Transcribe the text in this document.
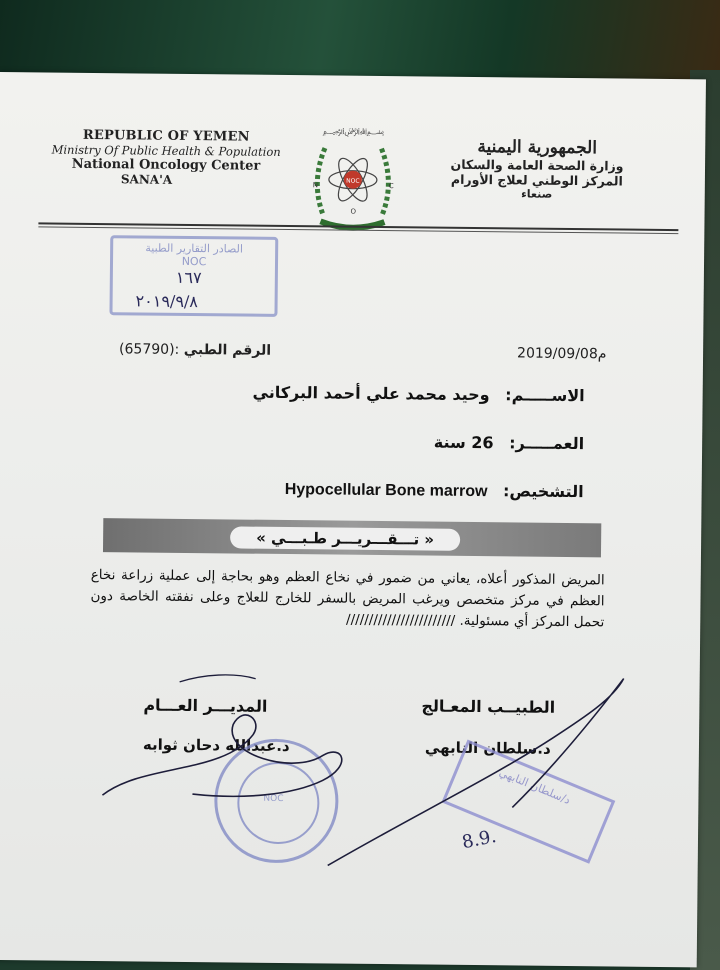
REPUBLIC OF YEMEN
Ministry Of Public Health & Population
National Oncology Center
SANA'A
﷽
NOC
N	C
O
الجمهورية اليمنية
وزارة الصحة العامة والسكان
المركز الوطني لعلاج الأورام
صنعاء
الصادر التقارير الطبية
NOC
١٦٧
٢٠١٩/٩/٨
2019/09/08م
الرقم الطبي :(65790)
الاســـــم: وحيد محمد علي أحمد البركاني
العمـــــر: 26 سنة
التشخيص: Hypocellular Bone marrow
« تـــقـــريـــر طـبـــي »
المريض المذكور أعلاه، يعاني من ضمور في نخاع العظم وهو بحاجة إلى عملية زراعة نخاع العظم في مركز متخصص ويرغب المريض بالسفر للخارج للعلاج وعلى نفقته الخاصة دون تحمل المركز أي مسئولية. ////////////////////////
المديـــر العـــام
د.عبدالله دحان ثوابه
الطبيــب المعـالج
د.سلطان النابهي
NOC	د/سلطان النابهي
8.9.
